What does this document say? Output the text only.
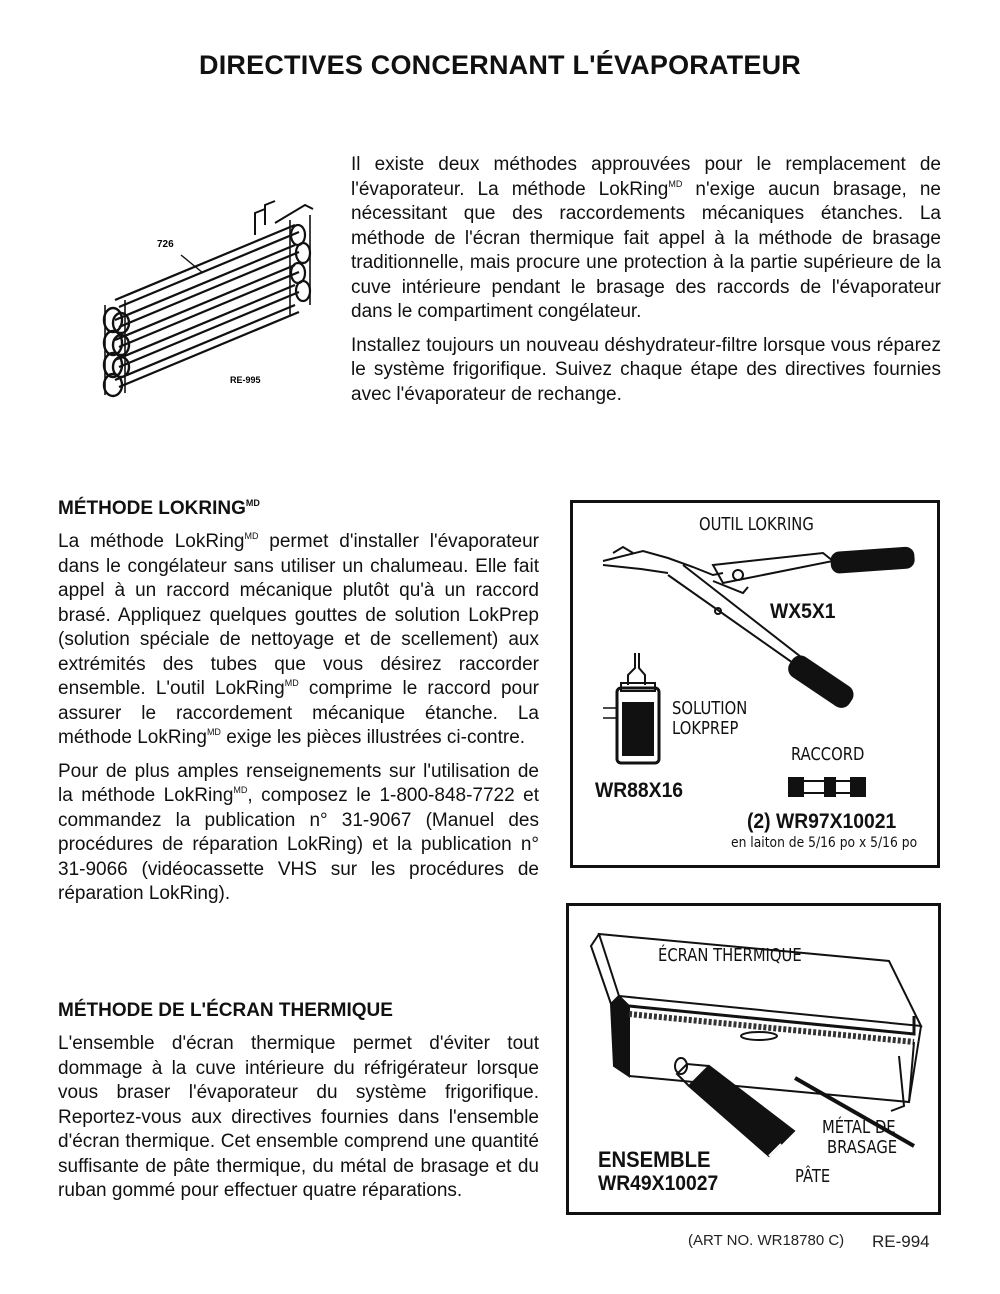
DIRECTIVES CONCERNANT L'ÉVAPORATEUR
726
RE-995

Il existe deux méthodes approuvées pour le remplacement de l'évaporateur. La méthode LokRing$^{MD}$ n'exige aucun brasage, ne nécessitant que des raccordements mécaniques étanches. La méthode de l'écran thermique fait appel à la méthode de brasage traditionnelle, mais procure une protection à la partie supérieure de la cuve intérieure pendant le brasage des raccords de l'évaporateur dans le compartiment congélateur.

Installez toujours un nouveau déshydrateur-filtre lorsque vous réparez le système frigorifique. Suivez chaque étape des directives fournies avec l'évaporateur de rechange.

MÉTHODE $LOKRING^{MD}$

La méthode LokRing$^{MD}$ permet d'installer l'évaporateur dans le congélateur sans utiliser un chalumeau. Elle fait appel à un raccord mécanique plutôt qu'à un raccord brasé. Appliquez quelques gouttes de solution LokPrep (solution spéciale de nettoyage et de scellement) aux extrémités des tubes que vous désirez raccorder ensemble. L'outil LokRing$^{MD}$ comprime le raccord pour assurer le raccordement mécanique étanche. La méthode LokRing$^{MD}$ exige les pièces illustrées ci-contre.

Pour de plus amples renseignements sur l'utilisation de la méthode LokRing$^{MD}$, composez le 1-800-848-7722 et commandez la publication n° 31-9067 (Manuel des procédures de réparation LokRing) et la publication n° 31-9066 (vidéocassette VHS sur les procédures de réparation LokRing).

MÉTHODE DE L'ÉCRAN THERMIQUE

L'ensemble d'écran thermique permet d'éviter tout dommage à la cuve intérieure du réfrigérateur lorsque vous braser l'évaporateur du système frigorifique. Reportez-vous aux directives fournies dans l'ensemble d'écran thermique. Cet ensemble comprend une quantité suffisante de pâte thermique, du métal de brasage et du ruban gommé pour effectuer quatre réparations.

OUTIL LOKRING
WX5X1
SOLUTION
LOKPREP
WR88X16
RACCORD
(2) WR97X10021
en laiton de 5/16 po x 5/16 po
ÉCRAN THERMIQUE
MÉTAL DE
BRASAGE
ENSEMBLE
WR49X10027	PÂTE
(ART NO. WR18780 C) RE-994
